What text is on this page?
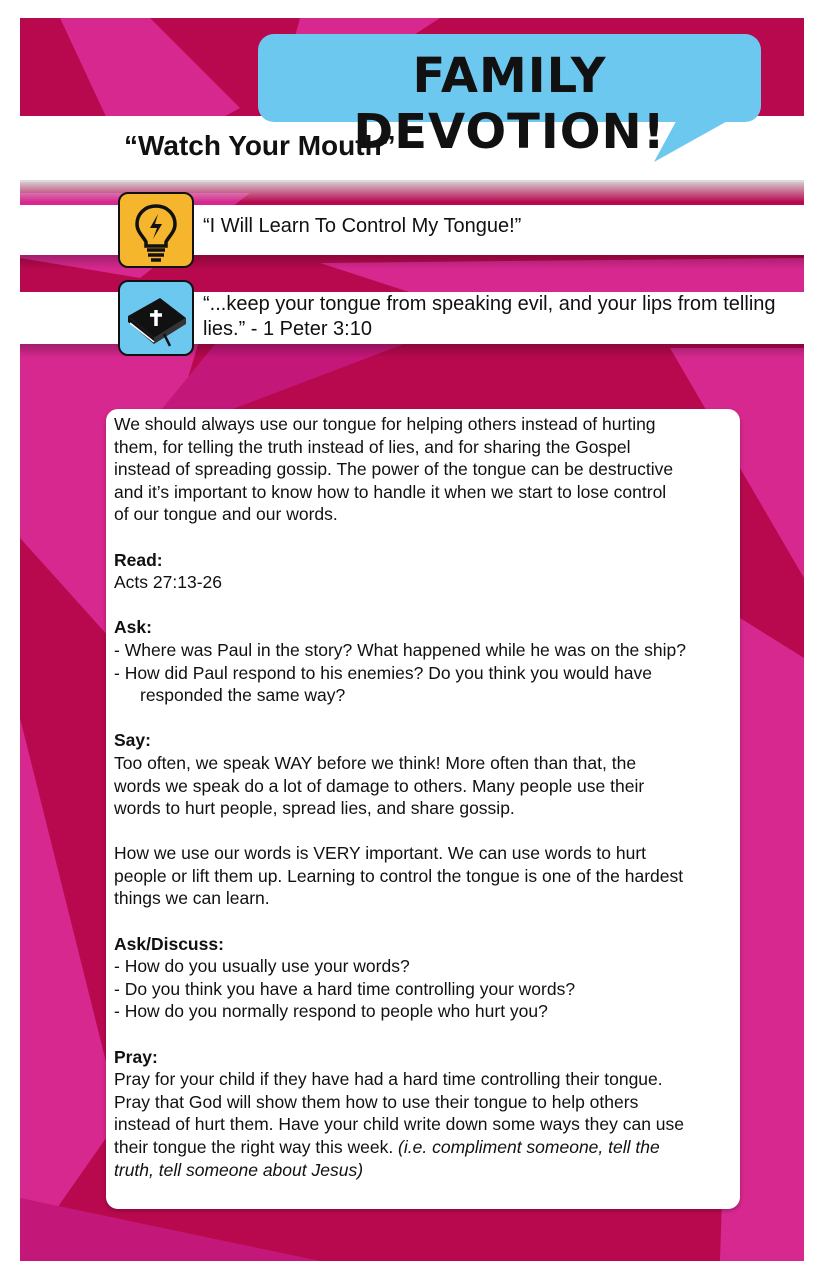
FAMILY DEVOTION!
“Watch Your Mouth”
“I Will Learn To Control My Tongue!”
“...keep your tongue from speaking evil, and your lips from telling lies.” - 1 Peter 3:10

We should always use our tongue for helping others instead of hurting

them, for telling the truth instead of lies, and for sharing the Gospel

instead of spreading gossip. The power of the tongue can be destructive

and it’s important to know how to handle it when we start to lose control

of our tongue and our words.

Read:

Acts 27:13-26

Ask:

- Where was Paul in the story? What happened while he was on the ship?

- How did Paul respond to his enemies? Do you think you would have

responded the same way?

Say:

Too often, we speak WAY before we think! More often than that, the

words we speak do a lot of damage to others. Many people use their

words to hurt people, spread lies, and share gossip.

How we use our words is VERY important. We can use words to hurt

people or lift them up. Learning to control the tongue is one of the hardest

things we can learn.

Ask/Discuss:

- How do you usually use your words?

- Do you think you have a hard time controlling your words?

- How do you normally respond to people who hurt you?

Pray:

Pray for your child if they have had a hard time controlling their tongue.

Pray that God will show them how to use their tongue to help others

instead of hurt them. Have your child write down some ways they can use

their tongue the right way this week. (i.e. compliment someone, tell the

truth, tell someone about Jesus)
